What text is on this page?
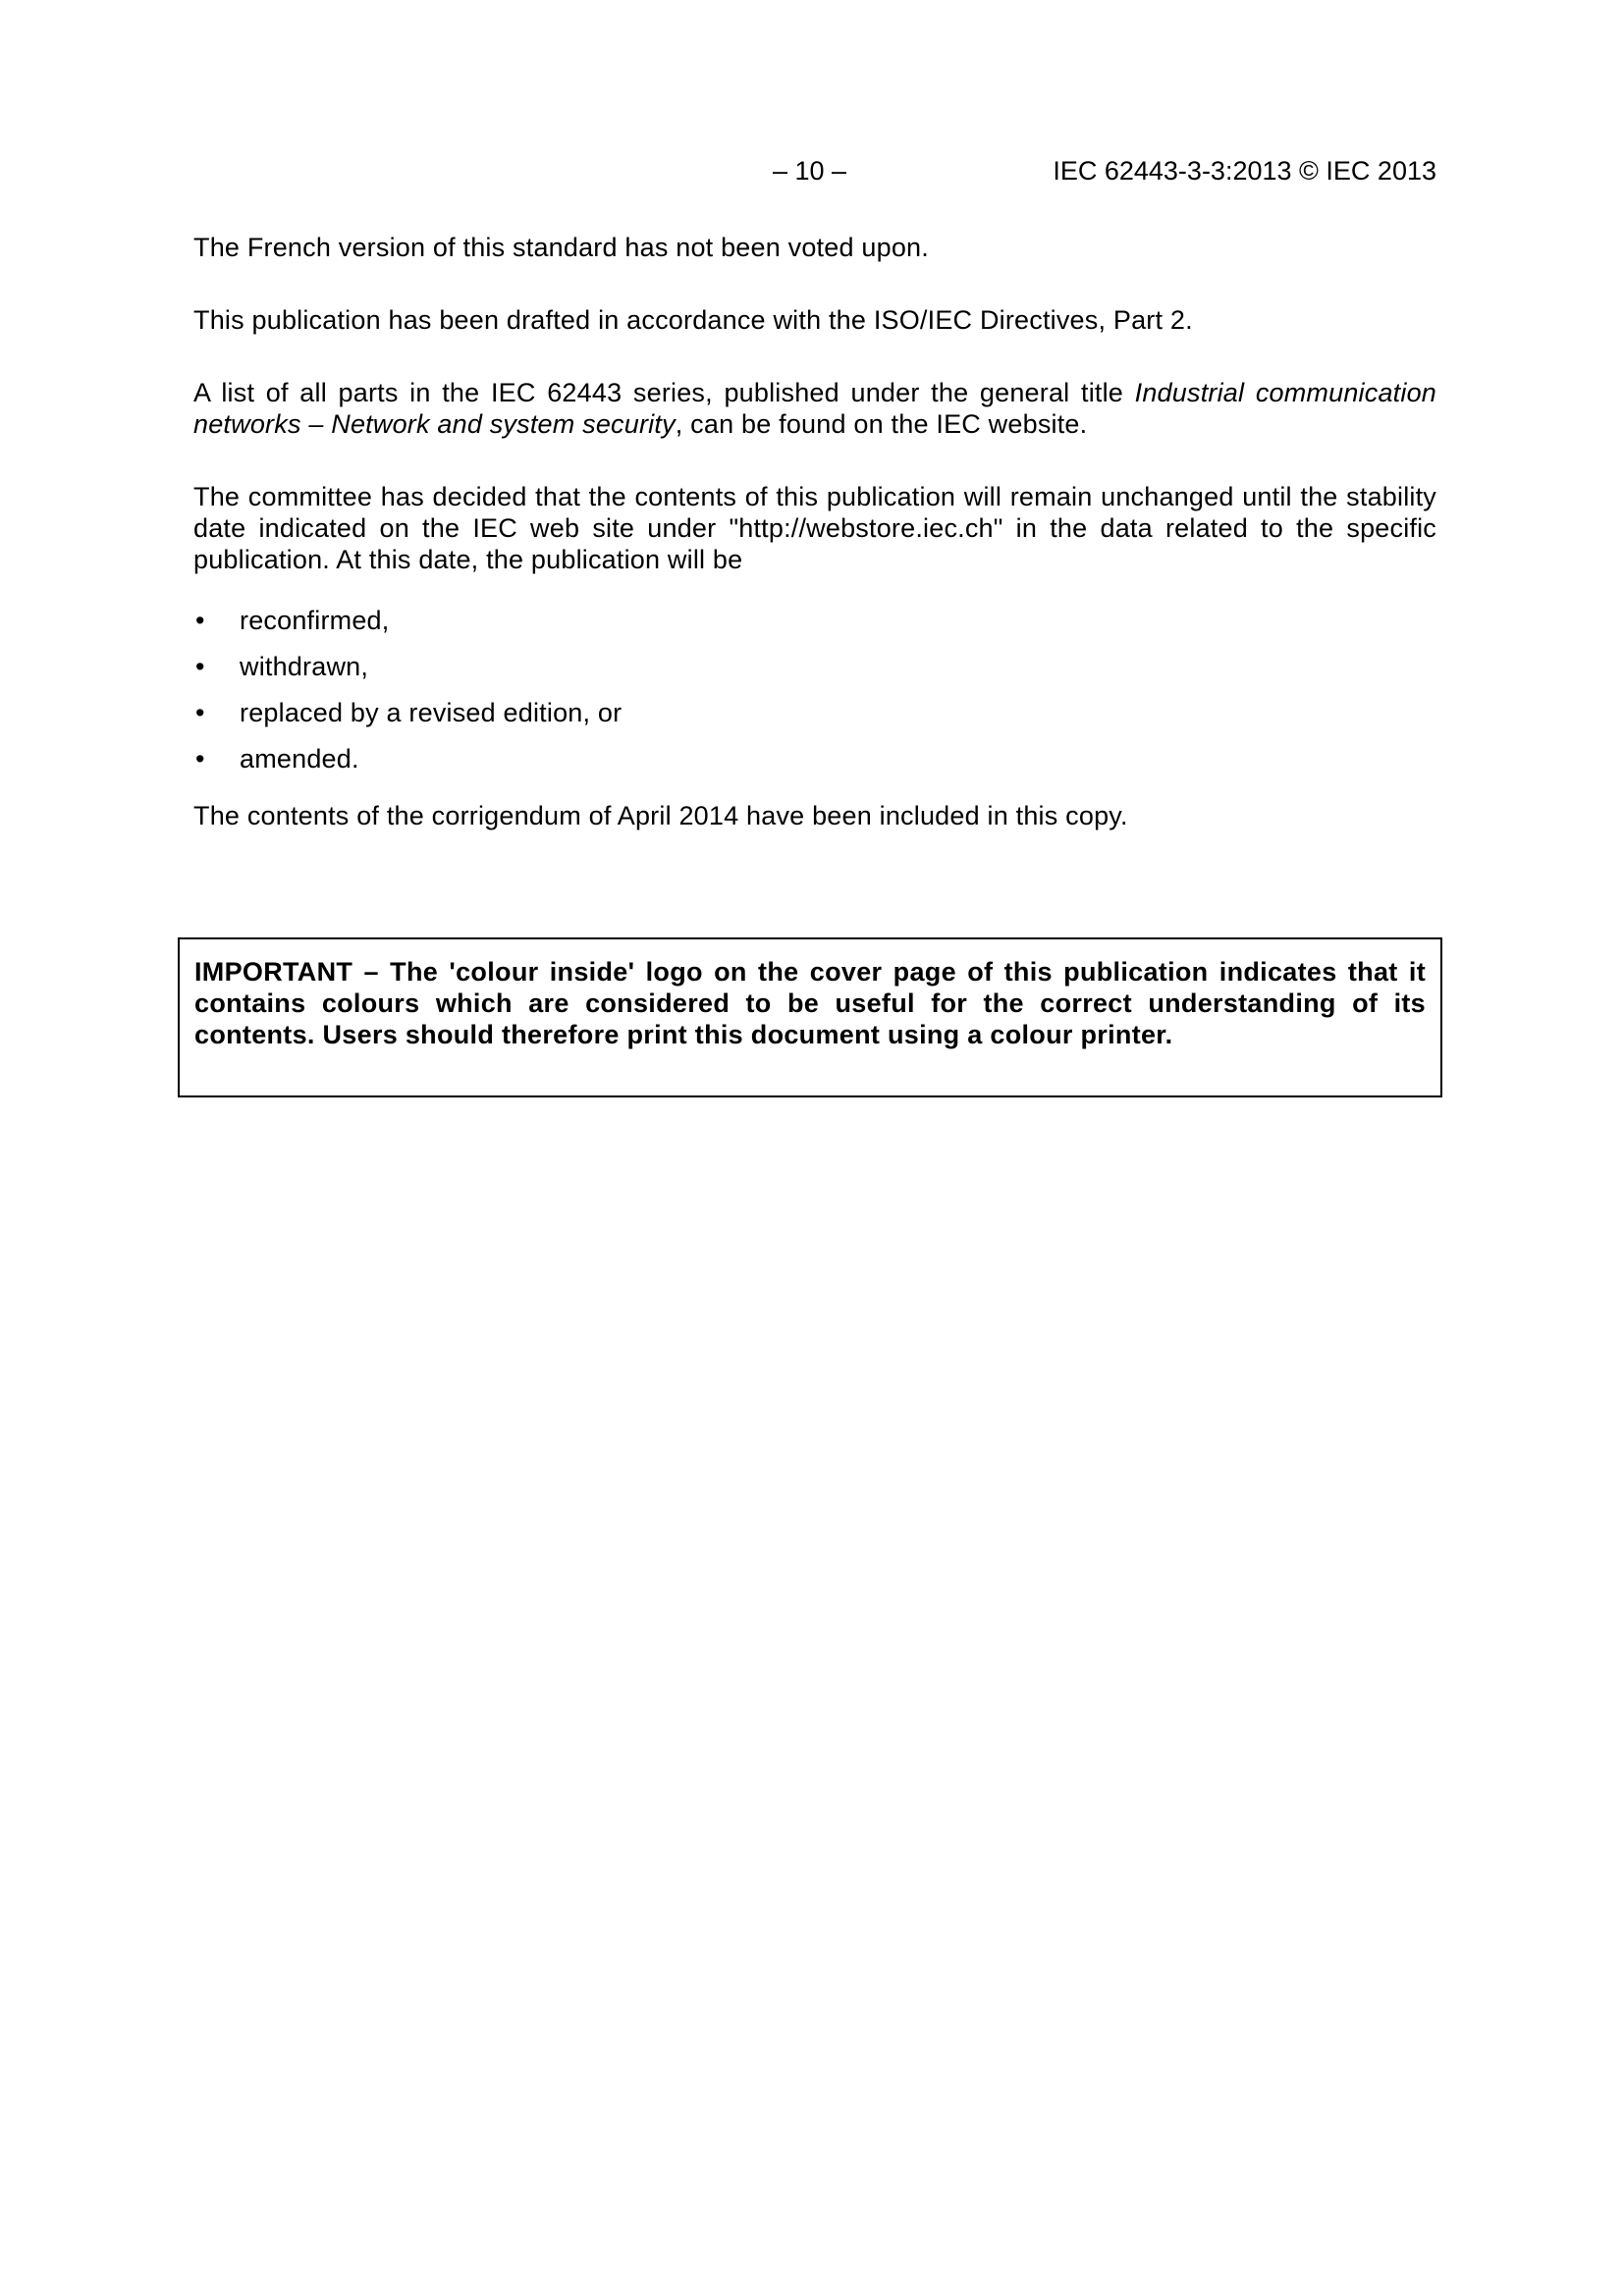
– 10 –	IEC 62443-3-3:2013 © IEC 2013

The French version of this standard has not been voted upon.

This publication has been drafted in accordance with the ISO/IEC Directives, Part 2.

A list of all parts in the IEC 62443 series, published under the general title Industrial communication networks – Network and system security, can be found on the IEC website.

The committee has decided that the contents of this publication will remain unchanged until the stability date indicated on the IEC web site under "http://webstore.iec.ch" in the data related to the specific publication. At this date, the publication will be

• reconfirmed,
• withdrawn,
• replaced by a revised edition, or
• amended.

The contents of the corrigendum of April 2014 have been included in this copy.

IMPORTANT – The 'colour inside' logo on the cover page of this publication indicates that it contains colours which are considered to be useful for the correct understanding of its contents. Users should therefore print this document using a colour printer.
